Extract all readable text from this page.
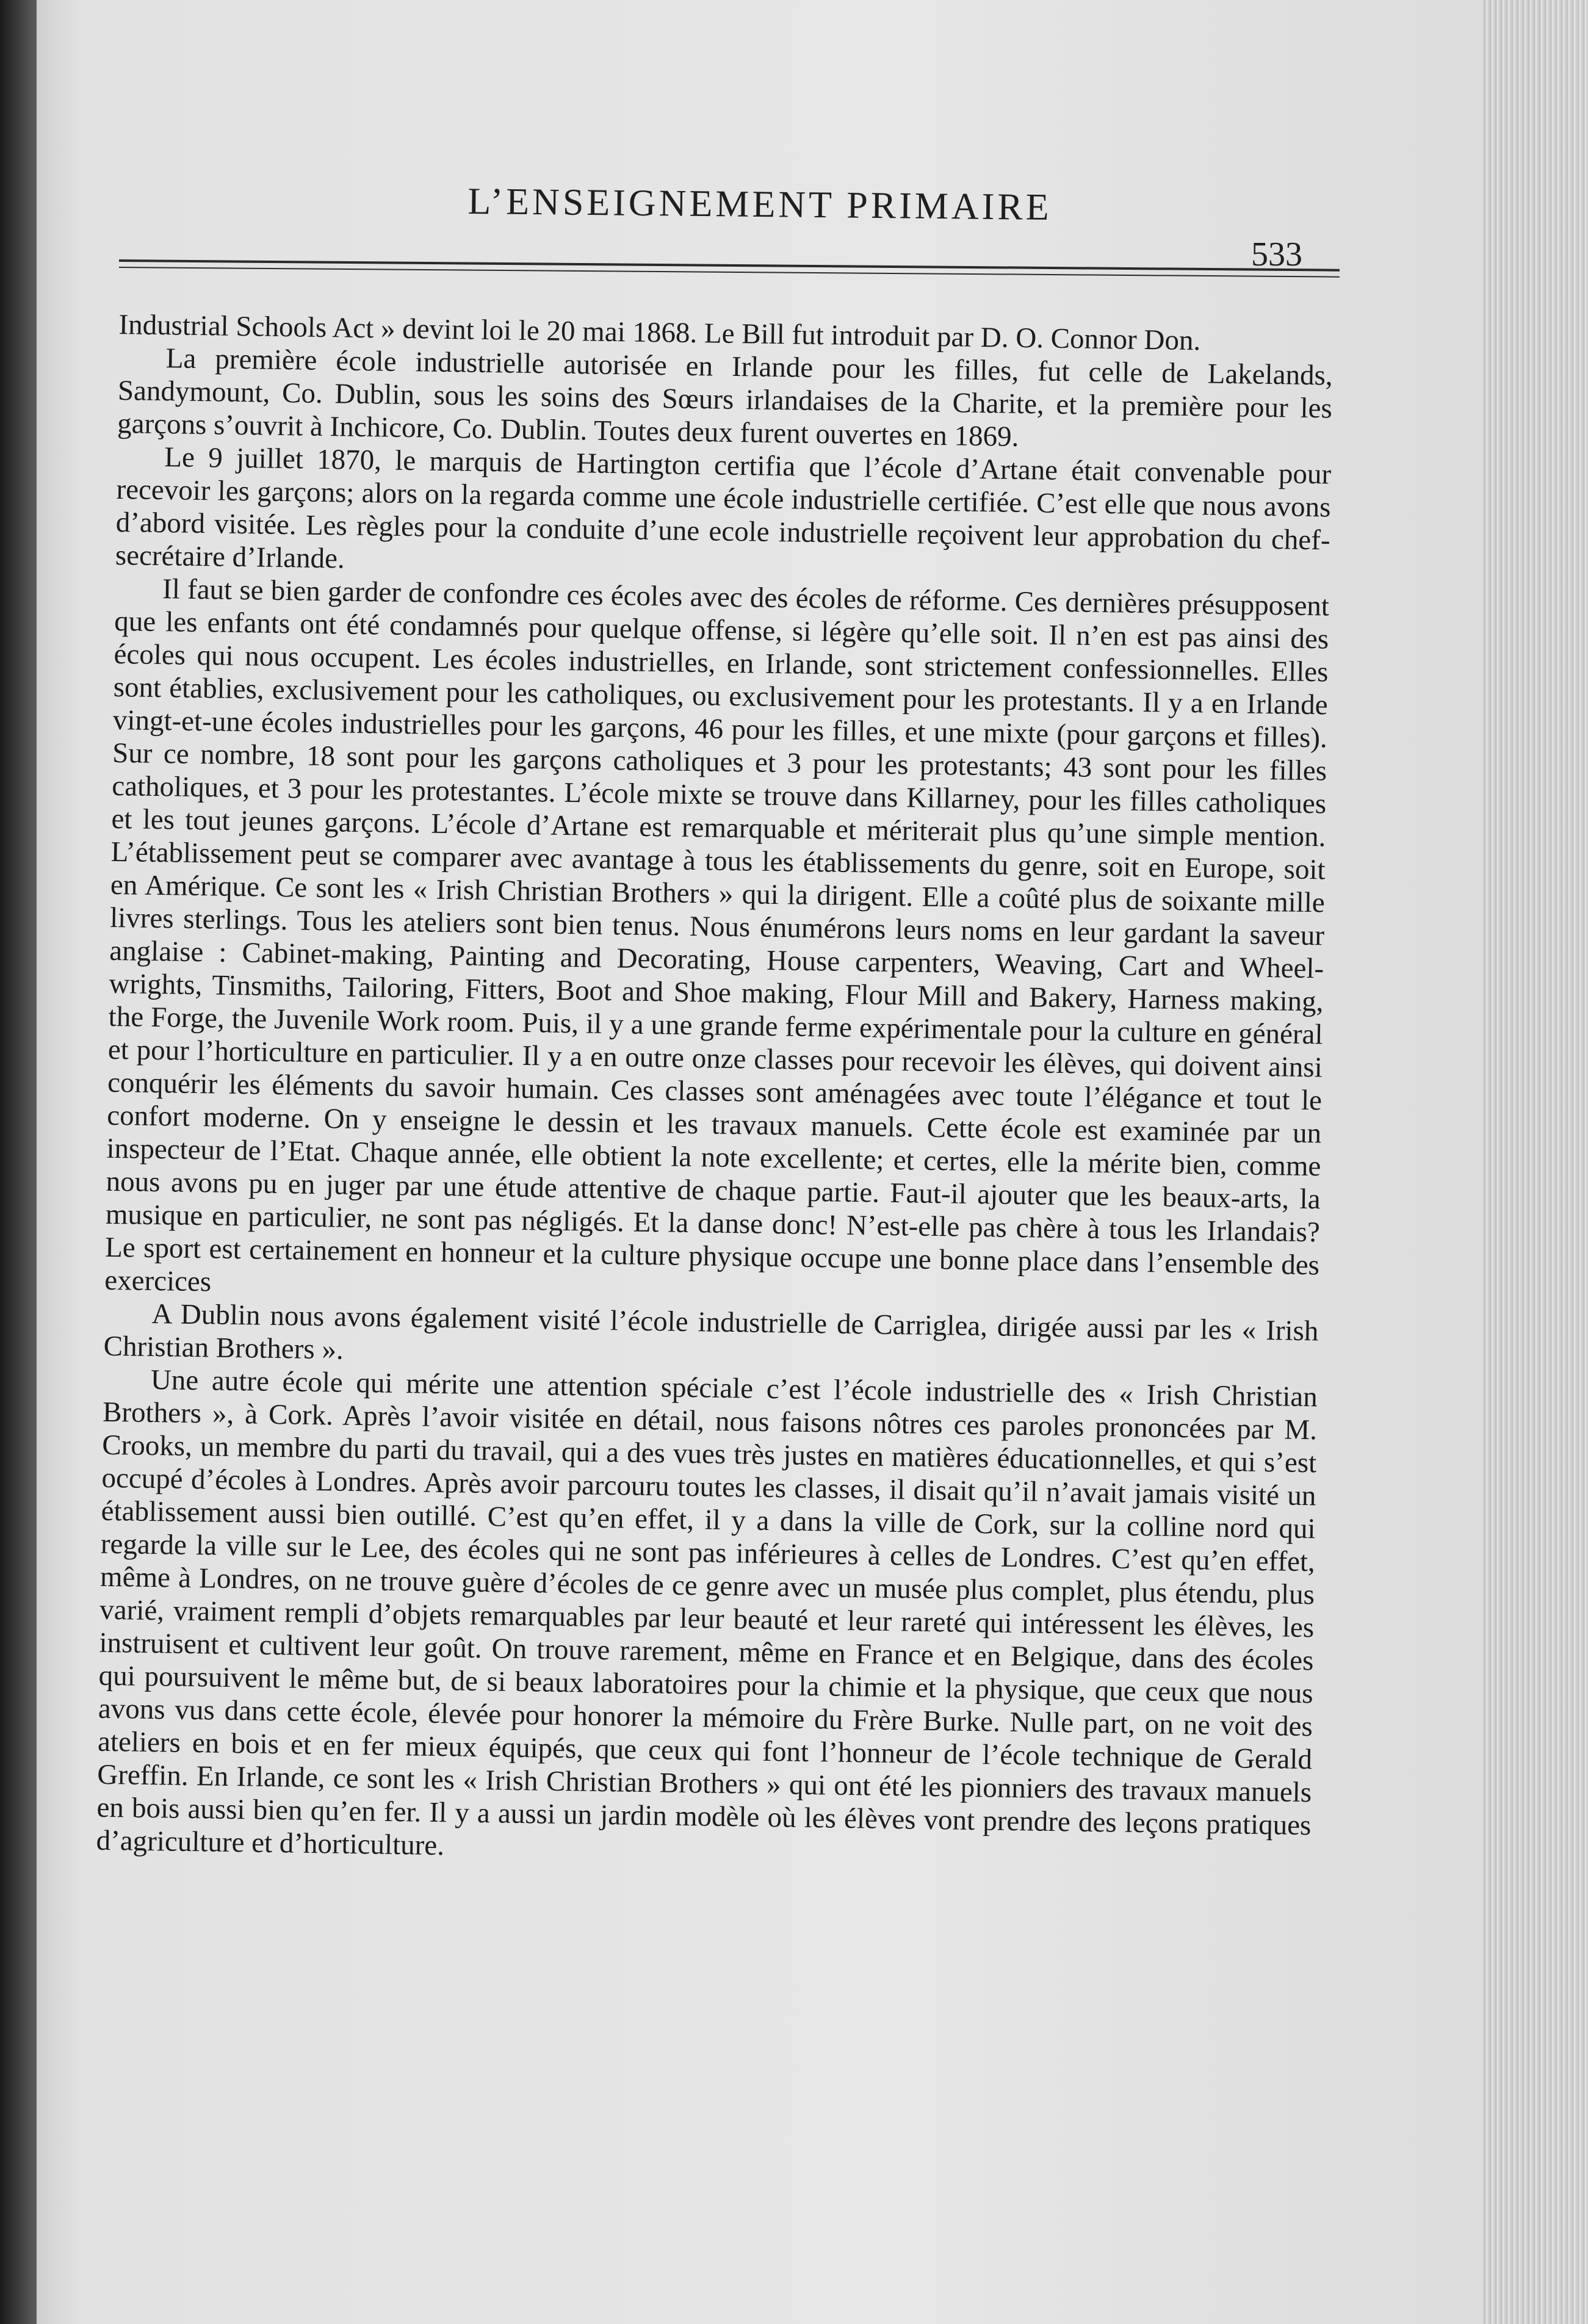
L’ENSEIGNEMENT PRIMAIRE
533

Industrial Schools Act » devint loi le 20 mai 1868. Le Bill fut introduit par D. O. Connor Don.

La première école industrielle autorisée en Irlande pour les filles, fut celle de Lakelands, Sandymount, Co. Dublin, sous les soins des Sœurs irlandaises de la Charite, et la première pour les garçons s’ouvrit à Inchicore, Co. Dublin. Toutes deux furent ouvertes en 1869.

Le 9 juillet 1870, le marquis de Hartington certifia que l’école d’Artane était convenable pour recevoir les garçons; alors on la regarda comme une école industrielle certifiée. C’est elle que nous avons d’abord visitée. Les règles pour la conduite d’une ecole industrielle reçoivent leur approbation du chef-secrétaire d’Irlande.

Il faut se bien garder de confondre ces écoles avec des écoles de réforme. Ces dernières présupposent que les enfants ont été condamnés pour quelque offense, si légère qu’elle soit. Il n’en est pas ainsi des écoles qui nous occupent. Les écoles industrielles, en Irlande, sont strictement confessionnelles. Elles sont établies, exclusivement pour les catholiques, ou exclusivement pour les protestants. Il y a en Irlande vingt-et-une écoles industrielles pour les garçons, 46 pour les filles, et une mixte (pour garçons et filles). Sur ce nombre, 18 sont pour les garçons catholiques et 3 pour les protestants; 43 sont pour les filles catholiques, et 3 pour les protestantes. L’école mixte se trouve dans Killarney, pour les filles catholiques et les tout jeunes garçons. L’école d’Artane est remarquable et mériterait plus qu’une simple mention. L’établissement peut se comparer avec avantage à tous les établissements du genre, soit en Europe, soit en Amérique. Ce sont les « Irish Christian Brothers » qui la dirigent. Elle a coûté plus de soixante mille livres sterlings. Tous les ateliers sont bien tenus. Nous énumérons leurs noms en leur gardant la saveur anglaise : Cabinet-making, Painting and Decorating, House carpenters, Weaving, Cart and Wheel-wrights, Tinsmiths, Tailoring, Fitters, Boot and Shoe making, Flour Mill and Bakery, Harness making, the Forge, the Juvenile Work room. Puis, il y a une grande ferme expérimentale pour la culture en général et pour l’horticulture en particulier. Il y a en outre onze classes pour recevoir les élèves, qui doivent ainsi conquérir les éléments du savoir humain. Ces classes sont aménagées avec toute l’élégance et tout le confort moderne. On y enseigne le dessin et les travaux manuels. Cette école est examinée par un inspecteur de l’Etat. Chaque année, elle obtient la note excellente; et certes, elle la mérite bien, comme nous avons pu en juger par une étude attentive de chaque partie. Faut-il ajouter que les beaux-arts, la musique en particulier, ne sont pas négligés. Et la danse donc! N’est-elle pas chère à tous les Irlandais? Le sport est certainement en honneur et la culture physique occupe une bonne place dans l’ensemble des exercices

A Dublin nous avons également visité l’école industrielle de Carriglea, dirigée aussi par les « Irish Christian Brothers ».

Une autre école qui mérite une attention spéciale c’est l’école industrielle des « Irish Christian Brothers », à Cork. Après l’avoir visitée en détail, nous faisons nôtres ces paroles prononcées par M. Crooks, un membre du parti du travail, qui a des vues très justes en matières éducationnelles, et qui s’est occupé d’écoles à Londres. Après avoir parcouru toutes les classes, il disait qu’il n’avait jamais visité un établissement aussi bien outillé. C’est qu’en effet, il y a dans la ville de Cork, sur la colline nord qui regarde la ville sur le Lee, des écoles qui ne sont pas inférieures à celles de Londres. C’est qu’en effet, même à Londres, on ne trouve guère d’écoles de ce genre avec un musée plus complet, plus étendu, plus varié, vraiment rempli d’objets remarquables par leur beauté et leur rareté qui intéressent les élèves, les instruisent et cultivent leur goût. On trouve rarement, même en France et en Belgique, dans des écoles qui poursuivent le même but, de si beaux laboratoires pour la chimie et la physique, que ceux que nous avons vus dans cette école, élevée pour honorer la mémoire du Frère Burke. Nulle part, on ne voit des ateliers en bois et en fer mieux équipés, que ceux qui font l’honneur de l’école technique de Gerald Greffin. En Irlande, ce sont les « Irish Christian Brothers » qui ont été les pionniers des travaux manuels en bois aussi bien qu’en fer. Il y a aussi un jardin modèle où les élèves vont prendre des leçons pratiques d’agriculture et d’horticulture.
